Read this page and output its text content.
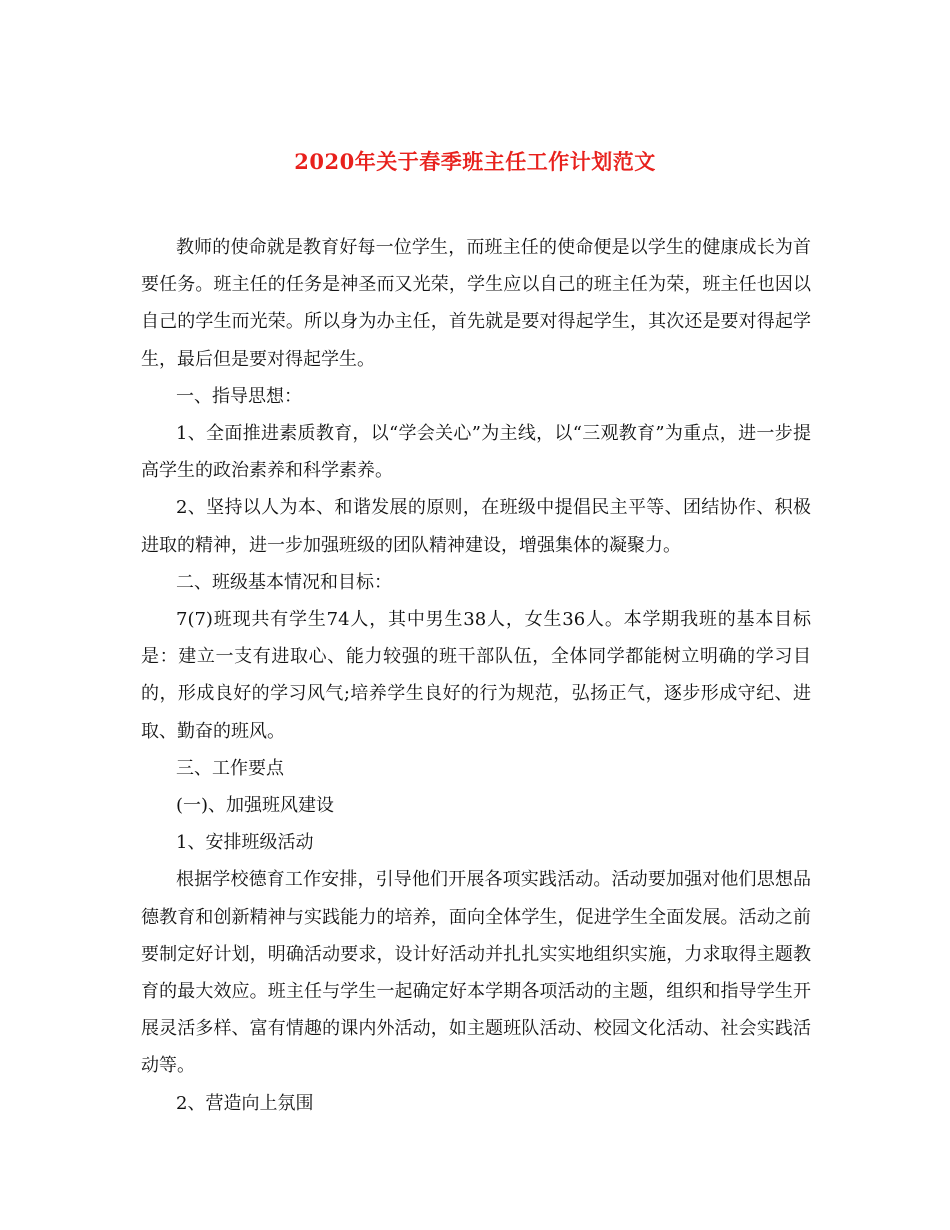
2020年关于春季班主任工作计划范文

教师的使命就是教育好每一位学生，而班主任的使命便是以学生的健康成长为首要任务。班主任的任务是神圣而又光荣，学生应以自己的班主任为荣，班主任也因以自己的学生而光荣。所以身为办主任，首先就是要对得起学生，其次还是要对得起学生，最后但是要对得起学生。

一、指导思想：

1、全面推进素质教育，以“学会关心”为主线，以“三观教育”为重点，进一步提高学生的政治素养和科学素养。

2、坚持以人为本、和谐发展的原则，在班级中提倡民主平等、团结协作、积极进取的精神，进一步加强班级的团队精神建设，增强集体的凝聚力。

二、班级基本情况和目标：

7(7)班现共有学生74人，其中男生38人，女生36人。本学期我班的基本目标是：建立一支有进取心、能力较强的班干部队伍，全体同学都能树立明确的学习目的，形成良好的学习风气;培养学生良好的行为规范，弘扬正气，逐步形成守纪、进取、勤奋的班风。

三、工作要点

(一)、加强班风建设

1、安排班级活动

根据学校德育工作安排，引导他们开展各项实践活动。活动要加强对他们思想品德教育和创新精神与实践能力的培养，面向全体学生，促进学生全面发展。活动之前要制定好计划，明确活动要求，设计好活动并扎扎实实地组织实施，力求取得主题教育的最大效应。班主任与学生一起确定好本学期各项活动的主题，组织和指导学生开展灵活多样、富有情趣的课内外活动，如主题班队活动、校园文化活动、社会实践活动等。

2、营造向上氛围
